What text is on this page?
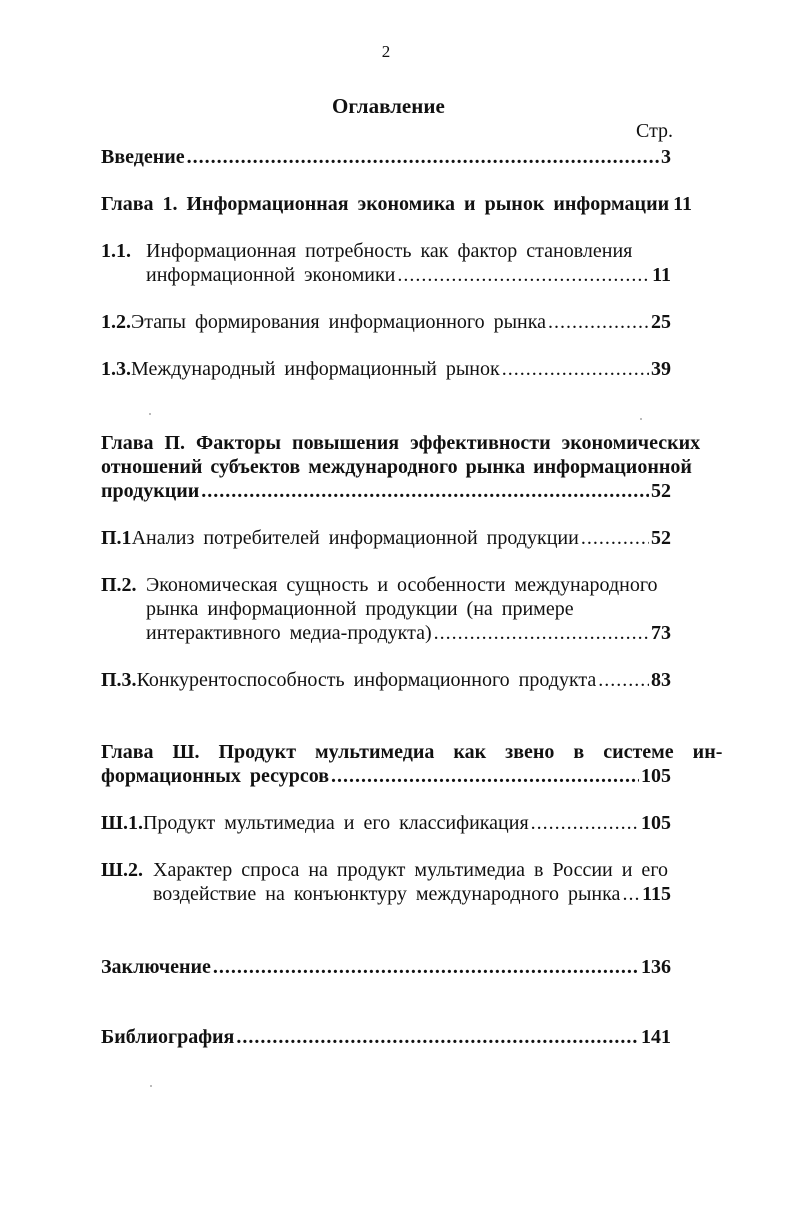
2
Оглавление
Стр.
Введение .....	3
Глава 1. Информационная экономика и рынок информации 11
1.1. Информационная потребность как фактор становления
информационной экономики .....	11
1.2. Этапы формирования информационного рынка .....	25
1.3. Международный информационный рынок .....	39
Глава П. Факторы повышения эффективности экономических
отношений субъектов международного рынка информационной
продукции .....	52
П.1 Анализ потребителей информационной продукции .....	52
П.2. Экономическая сущность и особенности международного
рынка информационной продукции (на примере
интерактивного медиа-продукта) .....	73
П.3. Конкурентоспособность информационного продукта .....	83
Глава Ш. Продукт мультимедиа как звено в системе ин-
формационных ресурсов .....	105
Ш.1. Продукт мультимедиа и его классификация .....	105
Ш.2. Характер спроса на продукт мультимедиа в России и его
воздействие на конъюнктуру международного рынка ..... 115
Заключение .....	136
Библиография .....	141
